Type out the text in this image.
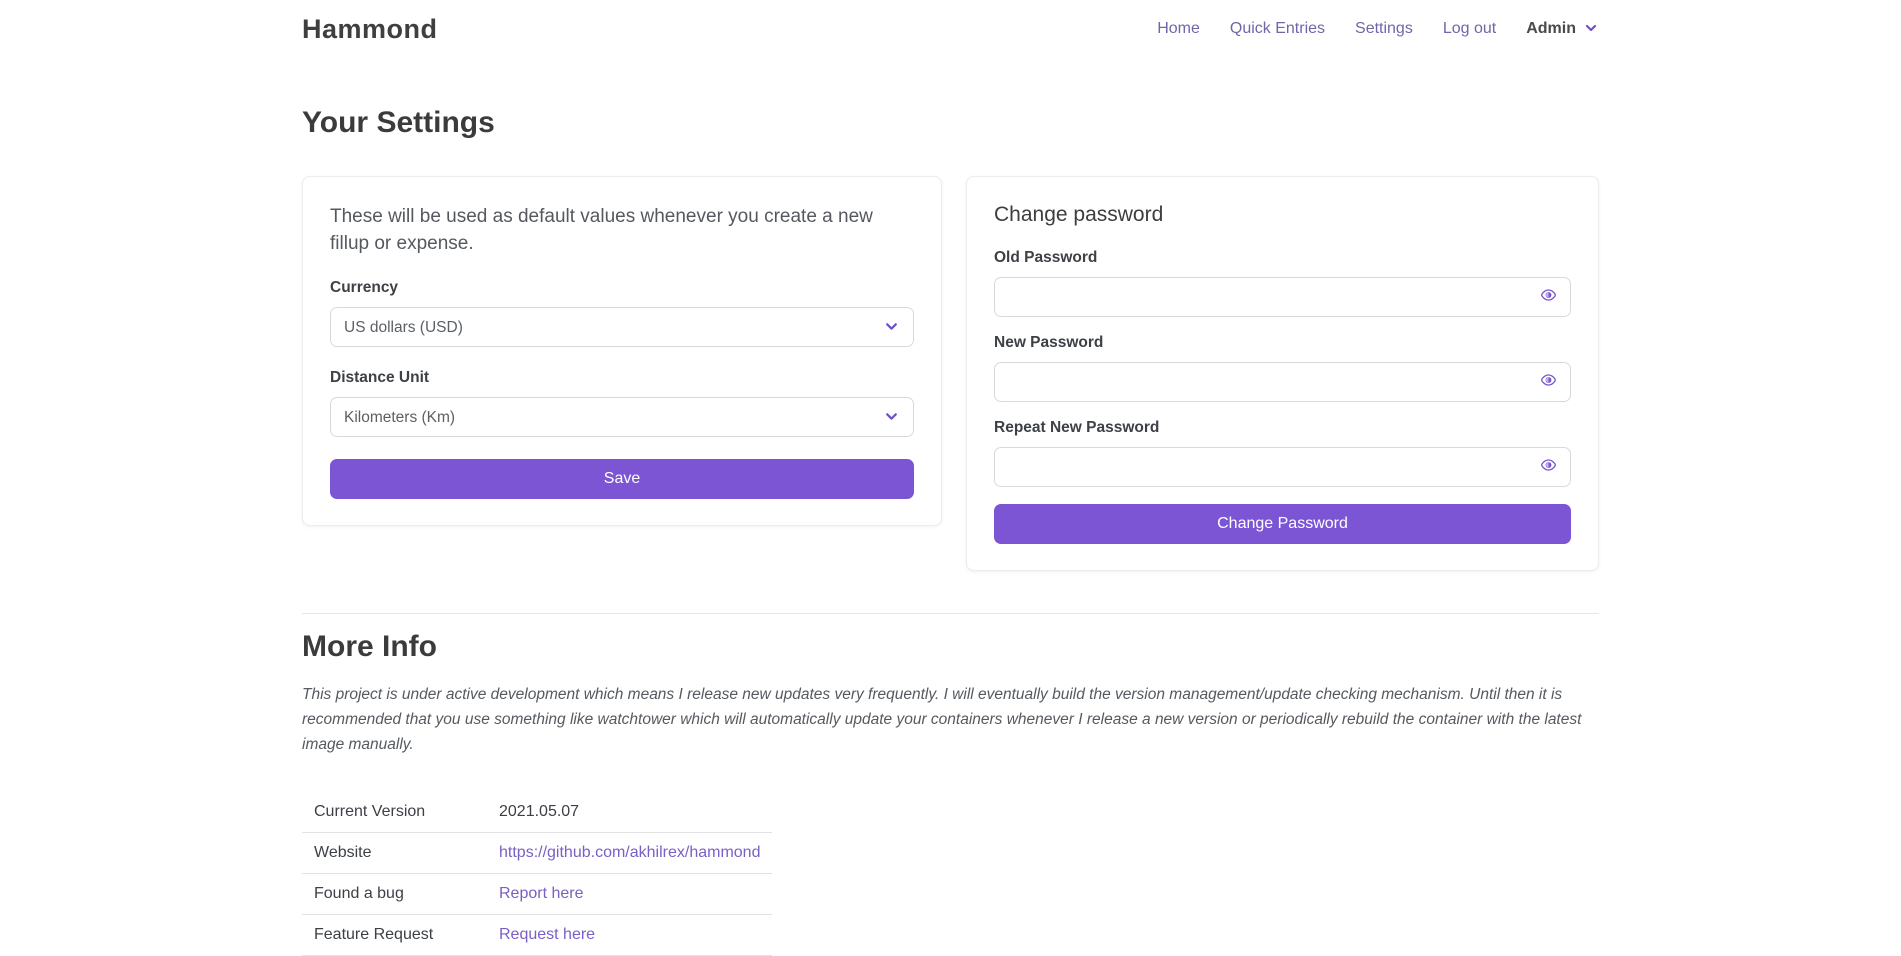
Hammond	Home Quick Entries Settings Log out Admin
Your Settings

These will be used as default values whenever you create a new fillup or expense.

Currency
US dollars (USD)
Distance Unit
Kilometers (Km)
Save
Change password
Old Password
New Password
Repeat New Password
Change Password
More Info

This project is under active development which means I release new updates very frequently. I will eventually build the version management/update checking mechanism. Until then it is recommended that you use something like watchtower which will automatically update your containers whenever I release a new version or periodically rebuild the container with the latest image manually.

Current Version	2021.05.07
Website	https://github.com/akhilrex/hammond
Found a bug	Report here
Feature Request	Request here
